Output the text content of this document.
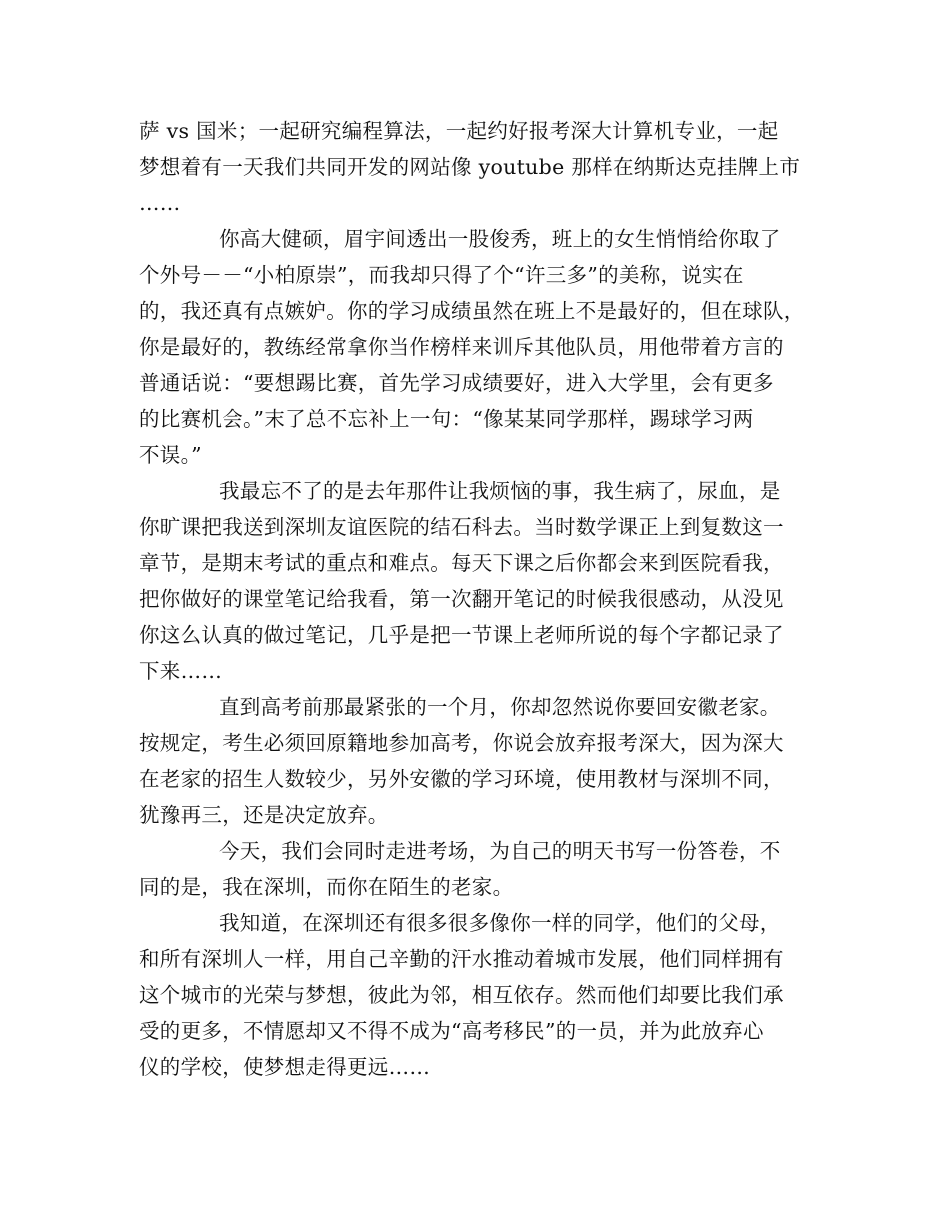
萨 vs 国米；一起研究编程算法，一起约好报考深大计算机专业，一起
梦想着有一天我们共同开发的网站像 youtube 那样在纳斯达克挂牌上市
……
你高大健硕，眉宇间透出一股俊秀，班上的女生悄悄给你取了
个外号－－“小柏原崇”，而我却只得了个“许三多”的美称，说实在
的，我还真有点嫉妒。你的学习成绩虽然在班上不是最好的，但在球队，
你是最好的，教练经常拿你当作榜样来训斥其他队员，用他带着方言的
普通话说：“要想踢比赛，首先学习成绩要好，进入大学里，会有更多
的比赛机会。”末了总不忘补上一句：“像某某同学那样，踢球学习两
不误。”
我最忘不了的是去年那件让我烦恼的事，我生病了，尿血，是
你旷课把我送到深圳友谊医院的结石科去。当时数学课正上到复数这一
章节，是期末考试的重点和难点。每天下课之后你都会来到医院看我，
把你做好的课堂笔记给我看，第一次翻开笔记的时候我很感动，从没见
你这么认真的做过笔记，几乎是把一节课上老师所说的每个字都记录了
下来……
直到高考前那最紧张的一个月，你却忽然说你要回安徽老家。
按规定，考生必须回原籍地参加高考，你说会放弃报考深大，因为深大
在老家的招生人数较少，另外安徽的学习环境，使用教材与深圳不同，
犹豫再三，还是决定放弃。
今天，我们会同时走进考场，为自己的明天书写一份答卷，不
同的是，我在深圳，而你在陌生的老家。
我知道，在深圳还有很多很多像你一样的同学，他们的父母，
和所有深圳人一样，用自己辛勤的汗水推动着城市发展，他们同样拥有
这个城市的光荣与梦想，彼此为邻，相互依存。然而他们却要比我们承
受的更多，不情愿却又不得不成为“高考移民”的一员，并为此放弃心
仪的学校，使梦想走得更远……
